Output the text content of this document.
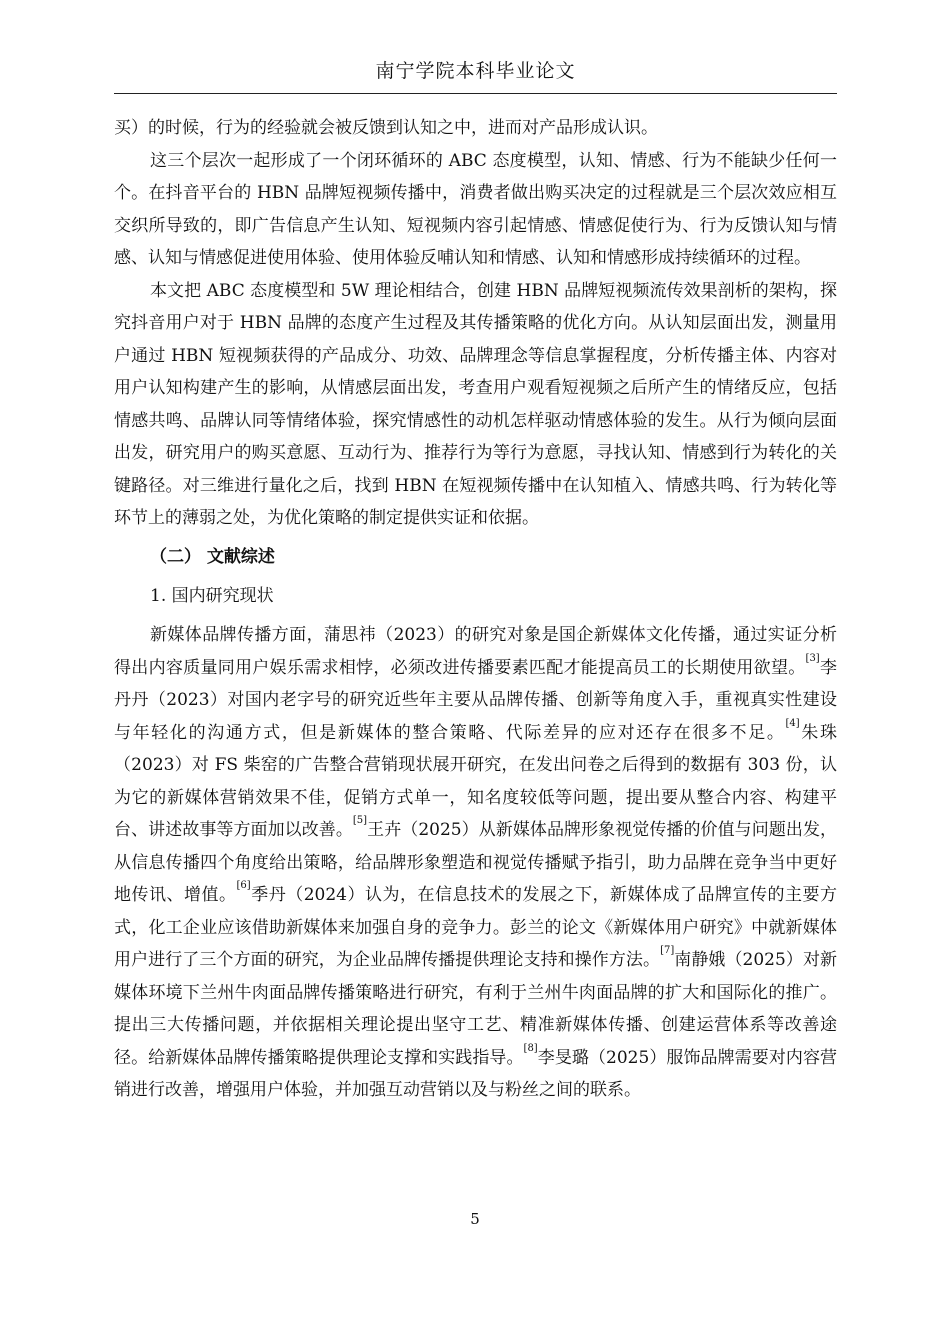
南宁学院本科毕业论文

买）的时候，行为的经验就会被反馈到认知之中，进而对产品形成认识。

这三个层次一起形成了一个闭环循环的 ABC 态度模型，认知、情感、行为不能缺少任何一个。在抖音平台的 HBN 品牌短视频传播中，消费者做出购买决定的过程就是三个层次效应相互交织所导致的，即广告信息产生认知、短视频内容引起情感、情感促使行为、行为反馈认知与情感、认知与情感促进使用体验、使用体验反哺认知和情感、认知和情感形成持续循环的过程。

本文把 ABC 态度模型和 5W 理论相结合，创建 HBN 品牌短视频流传效果剖析的架构，探究抖音用户对于 HBN 品牌的态度产生过程及其传播策略的优化方向。从认知层面出发，测量用户通过 HBN 短视频获得的产品成分、功效、品牌理念等信息掌握程度，分析传播主体、内容对用户认知构建产生的影响，从情感层面出发，考查用户观看短视频之后所产生的情绪反应，包括情感共鸣、品牌认同等情绪体验，探究情感性的动机怎样驱动情感体验的发生。从行为倾向层面出发，研究用户的购买意愿、互动行为、推荐行为等行为意愿，寻找认知、情感到行为转化的关键路径。对三维进行量化之后，找到 HBN 在短视频传播中在认知植入、情感共鸣、行为转化等环节上的薄弱之处，为优化策略的制定提供实证和依据。

（二） 文献综述

1. 国内研究现状

新媒体品牌传播方面，蒲思祎（2023）的研究对象是国企新媒体文化传播，通过实证分析得出内容质量同用户娱乐需求相悖，必须改进传播要素匹配才能提高员工的长期使用欲望。[3]李丹丹（2023）对国内老字号的研究近些年主要从品牌传播、创新等角度入手，重视真实性建设与年轻化的沟通方式，但是新媒体的整合策略、代际差异的应对还存在很多不足。[4]朱珠（2023）对 FS 柴窑的广告整合营销现状展开研究，在发出问卷之后得到的数据有 303 份，认为它的新媒体营销效果不佳，促销方式单一，知名度较低等问题，提出要从整合内容、构建平台、讲述故事等方面加以改善。[5]王卉（2025）从新媒体品牌形象视觉传播的价值与问题出发，从信息传播四个角度给出策略，给品牌形象塑造和视觉传播赋予指引，助力品牌在竞争当中更好地传讯、增值。[6]季丹（2024）认为，在信息技术的发展之下，新媒体成了品牌宣传的主要方式，化工企业应该借助新媒体来加强自身的竞争力。彭兰的论文《新媒体用户研究》中就新媒体用户进行了三个方面的研究，为企业品牌传播提供理论支持和操作方法。[7]南静娥（2025）对新媒体环境下兰州牛肉面品牌传播策略进行研究，有利于兰州牛肉面品牌的扩大和国际化的推广。提出三大传播问题，并依据相关理论提出坚守工艺、精准新媒体传播、创建运营体系等改善途径。给新媒体品牌传播策略提供理论支撑和实践指导。[8]李旻璐（2025）服饰品牌需要对内容营销进行改善，增强用户体验，并加强互动营销以及与粉丝之间的联系。

5
